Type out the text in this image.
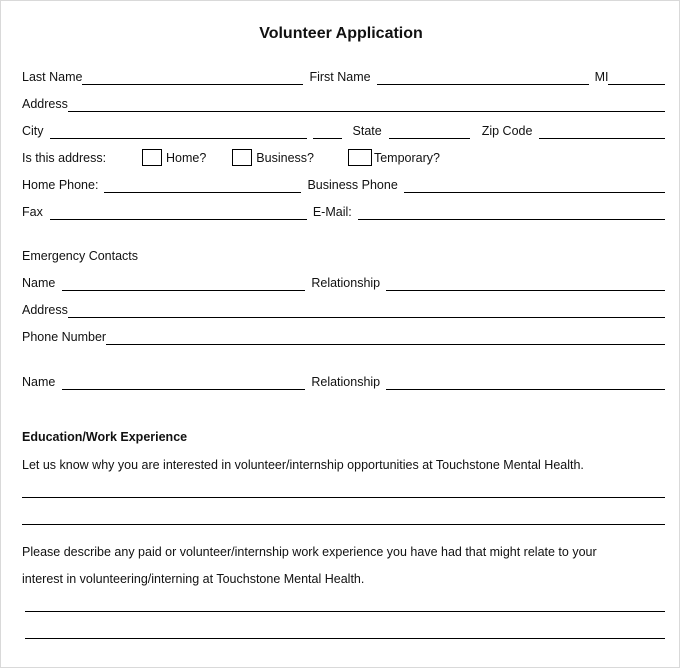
Volunteer Application
Last Name	First Name	MI
Address
City	State	Zip Code
Is this address:	Home?	Business?	Temporary?
Home Phone:	Business Phone
Fax	E-Mail:
Emergency Contacts
Name	Relationship
Address
Phone Number
Name	Relationship
Education/Work Experience
Let us know why you are interested in volunteer/internship opportunities at Touchstone Mental Health.
Please describe any paid or volunteer/internship work experience you have had that might relate to your
interest in volunteering/interning at Touchstone Mental Health.
